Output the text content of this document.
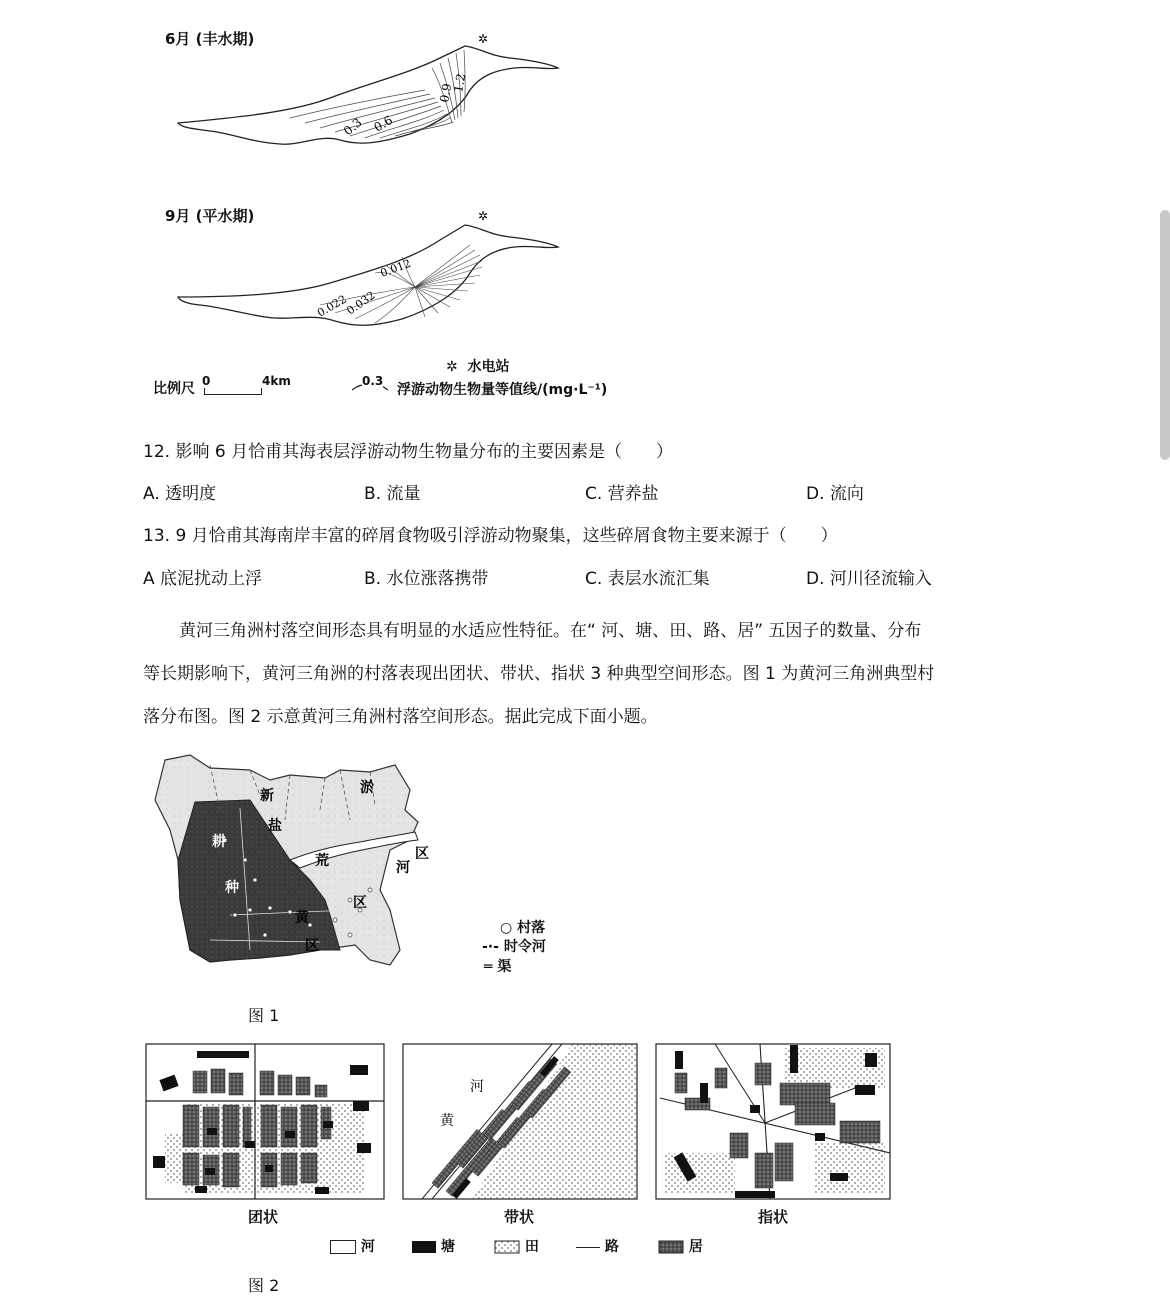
6月 (丰水期)	✲
0.3 0.6
0.9
1.2
9月 (平水期)	✲
0.012
0.022
0.032
✲ 水电站
比例尺 0	4km	0.3
浮游动物生物量等值线/(mg·L⁻¹)
12. 影响 6 月恰甫其海表层浮游动物生物量分布的主要因素是（　　）
A. 透明度	B. 流量	C. 营养盐	D. 流向
13. 9 月恰甫其海南岸丰富的碎屑食物吸引浮游动物聚集，这些碎屑食物主要来源于（　　）
A 底泥扰动上浮	B. 水位涨落携带	C. 表层水流汇集	D. 河川径流输入
黄河三角洲村落空间形态具有明显的水适应性特征。在“ 河、塘、田、路、居” 五因子的数量、分布
等长期影响下，黄河三角洲的村落表现出团状、带状、指状 3 种典型空间形态。图 1 为黄河三角洲典型村
落分布图。图 2 示意黄河三角洲村落空间形态。据此完成下面小题。
新	淤
盐
荒	河
区
耕
种
黄
区
区
○ 村落
-·- 时令河
═ 渠
图 1
河
黄
团状	带状	指状
河	塘	田	路	居
图 2
